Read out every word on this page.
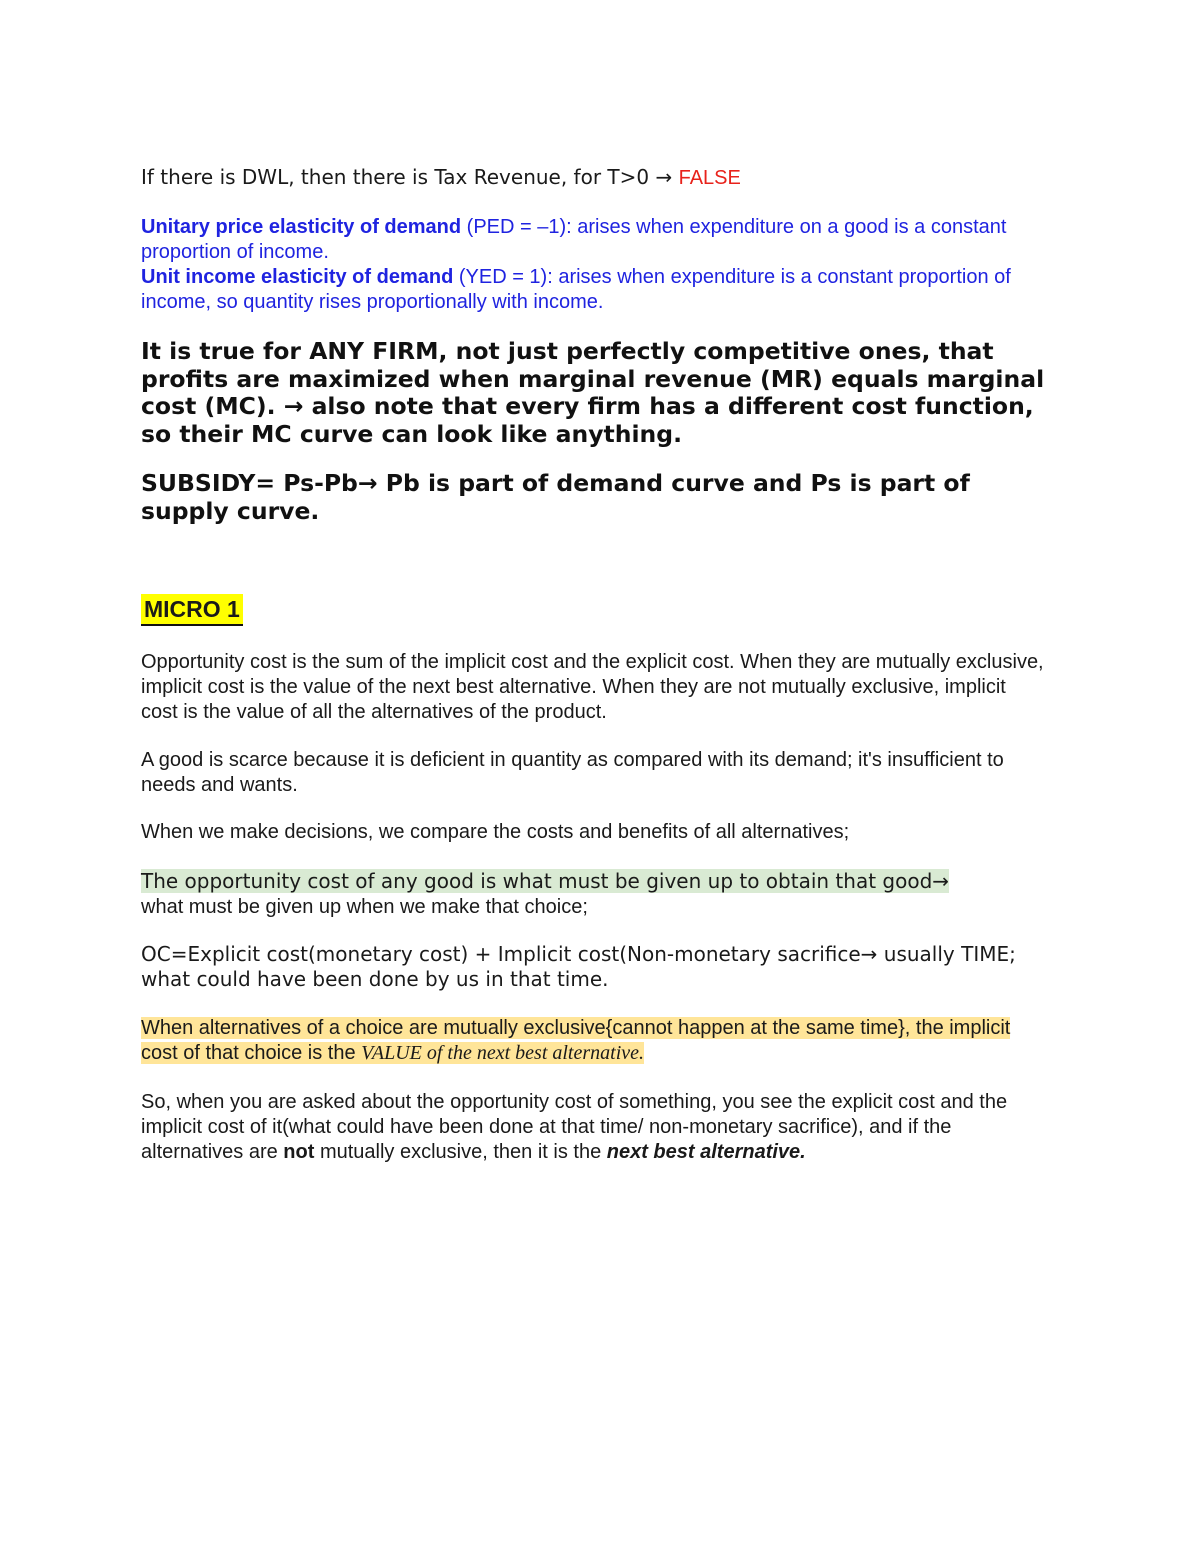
If there is DWL, then there is Tax Revenue, for T>0 → FALSE

Unitary price elasticity of demand (PED = –1): arises when expenditure on a good is a constant proportion of income.
Unit income elasticity of demand (YED = 1): arises when expenditure is a constant proportion of income, so quantity rises proportionally with income.

It is true for ANY FIRM, not just perfectly competitive ones, that profits are maximized when marginal revenue (MR) equals marginal cost (MC). → also note that every firm has a different cost function, so their MC curve can look like anything.

SUBSIDY= Ps-Pb→ Pb is part of demand curve and Ps is part of supply curve.

MICRO 1

Opportunity cost is the sum of the implicit cost and the explicit cost. When they are mutually exclusive, implicit cost is the value of the next best alternative. When they are not mutually exclusive, implicit cost is the value of all the alternatives of the product.

A good is scarce because it is deficient in quantity as compared with its demand; it's insufficient to needs and wants.

When we make decisions, we compare the costs and benefits of all alternatives;

The opportunity cost of any good is what must be given up to obtain that good→
what must be given up when we make that choice;

OC=Explicit cost(monetary cost) + Implicit cost(Non-monetary sacrifice→ usually TIME; what could have been done by us in that time.

When alternatives of a choice are mutually exclusive{cannot happen at the same time}, the implicit cost of that choice is the VALUE of the next best alternative.

So, when you are asked about the opportunity cost of something, you see the explicit cost and the implicit cost of it(what could have been done at that time/ non-monetary sacrifice), and if the alternatives are not mutually exclusive, then it is the next best alternative.
